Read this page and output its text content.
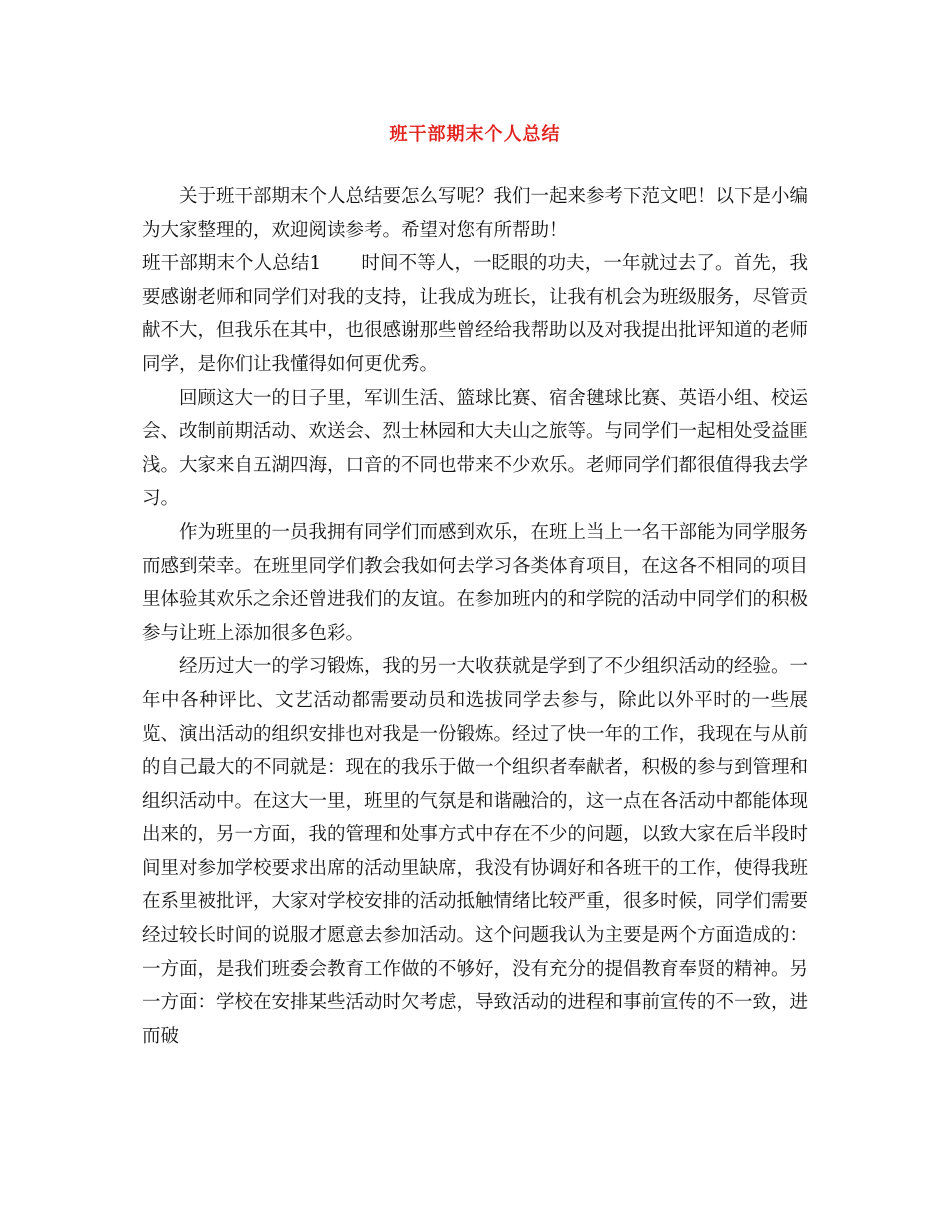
班干部期末个人总结

关于班干部期末个人总结要怎么写呢？我们一起来参考下范文吧！以下是小编为大家整理的，欢迎阅读参考。希望对您有所帮助！

班干部期末个人总结1 时间不等人，一眨眼的功夫，一年就过去了。首先，我要感谢老师和同学们对我的支持，让我成为班长，让我有机会为班级服务，尽管贡献不大，但我乐在其中，也很感谢那些曾经给我帮助以及对我提出批评知道的老师同学，是你们让我懂得如何更优秀。

回顾这大一的日子里，军训生活、篮球比赛、宿舍毽球比赛、英语小组、校运会、改制前期活动、欢送会、烈士林园和大夫山之旅等。与同学们一起相处受益匪浅。大家来自五湖四海，口音的不同也带来不少欢乐。老师同学们都很值得我去学习。

作为班里的一员我拥有同学们而感到欢乐，在班上当上一名干部能为同学服务而感到荣幸。在班里同学们教会我如何去学习各类体育项目，在这各不相同的项目里体验其欢乐之余还曾进我们的友谊。在参加班内的和学院的活动中同学们的积极参与让班上添加很多色彩。

经历过大一的学习锻炼，我的另一大收获就是学到了不少组织活动的经验。一年中各种评比、文艺活动都需要动员和选拔同学去参与，除此以外平时的一些展览、演出活动的组织安排也对我是一份锻炼。经过了快一年的工作，我现在与从前的自己最大的不同就是：现在的我乐于做一个组织者奉献者，积极的参与到管理和组织活动中。在这大一里，班里的气氛是和谐融洽的，这一点在各活动中都能体现出来的，另一方面，我的管理和处事方式中存在不少的问题，以致大家在后半段时间里对参加学校要求出席的活动里缺席，我没有协调好和各班干的工作，使得我班在系里被批评，大家对学校安排的活动抵触情绪比较严重，很多时候，同学们需要经过较长时间的说服才愿意去参加活动。这个问题我认为主要是两个方面造成的：一方面，是我们班委会教育工作做的不够好，没有充分的提倡教育奉贤的精神。另一方面：学校在安排某些活动时欠考虑，导致活动的进程和事前宣传的不一致，进而破
